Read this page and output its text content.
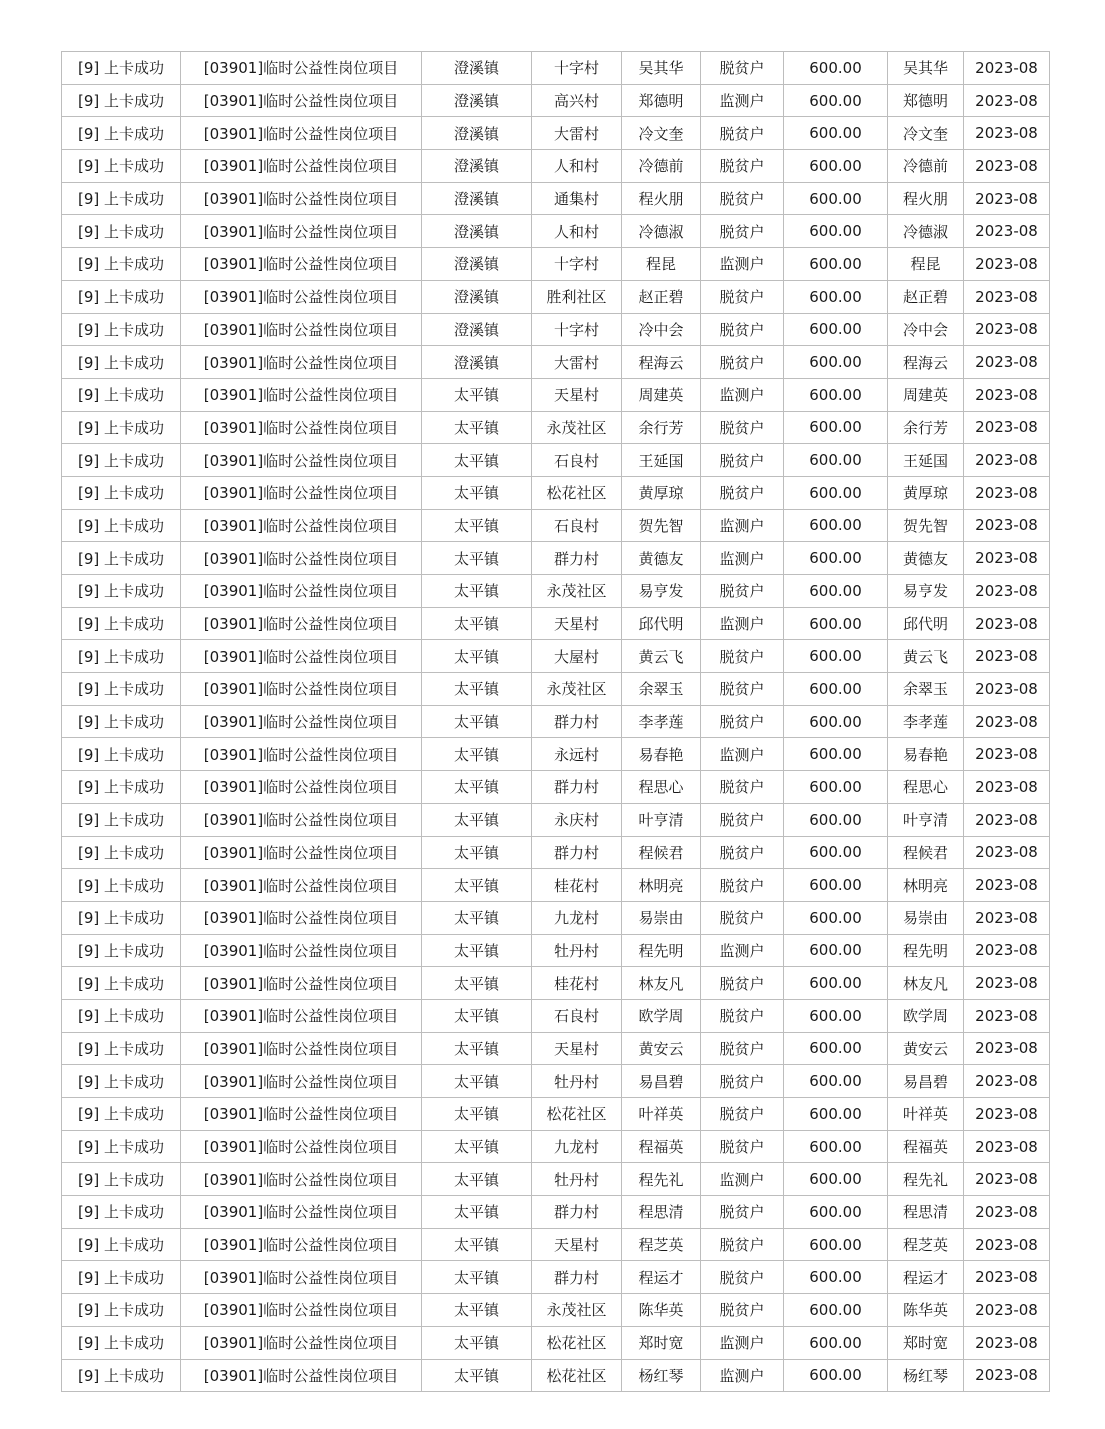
[9] 上卡成功	[03901]临时公益性岗位项目	澄溪镇	十字村	吴其华	脱贫户	600.00	吴其华	2023-08
[9] 上卡成功	[03901]临时公益性岗位项目	澄溪镇	高兴村	郑德明	监测户	600.00	郑德明	2023-08
[9] 上卡成功	[03901]临时公益性岗位项目	澄溪镇	大雷村	冷文奎	脱贫户	600.00	冷文奎	2023-08
[9] 上卡成功	[03901]临时公益性岗位项目	澄溪镇	人和村	冷德前	脱贫户	600.00	冷德前	2023-08
[9] 上卡成功	[03901]临时公益性岗位项目	澄溪镇	通集村	程火朋	脱贫户	600.00	程火朋	2023-08
[9] 上卡成功	[03901]临时公益性岗位项目	澄溪镇	人和村	冷德淑	脱贫户	600.00	冷德淑	2023-08
[9] 上卡成功	[03901]临时公益性岗位项目	澄溪镇	十字村	程昆	监测户	600.00	程昆	2023-08
[9] 上卡成功	[03901]临时公益性岗位项目	澄溪镇	胜利社区	赵正碧	脱贫户	600.00	赵正碧	2023-08
[9] 上卡成功	[03901]临时公益性岗位项目	澄溪镇	十字村	冷中会	脱贫户	600.00	冷中会	2023-08
[9] 上卡成功	[03901]临时公益性岗位项目	澄溪镇	大雷村	程海云	脱贫户	600.00	程海云	2023-08
[9] 上卡成功	[03901]临时公益性岗位项目	太平镇	天星村	周建英	监测户	600.00	周建英	2023-08
[9] 上卡成功	[03901]临时公益性岗位项目	太平镇	永茂社区	余行芳	脱贫户	600.00	余行芳	2023-08
[9] 上卡成功	[03901]临时公益性岗位项目	太平镇	石良村	王延国	脱贫户	600.00	王延国	2023-08
[9] 上卡成功	[03901]临时公益性岗位项目	太平镇	松花社区	黄厚琼	脱贫户	600.00	黄厚琼	2023-08
[9] 上卡成功	[03901]临时公益性岗位项目	太平镇	石良村	贺先智	监测户	600.00	贺先智	2023-08
[9] 上卡成功	[03901]临时公益性岗位项目	太平镇	群力村	黄德友	监测户	600.00	黄德友	2023-08
[9] 上卡成功	[03901]临时公益性岗位项目	太平镇	永茂社区	易亨发	脱贫户	600.00	易亨发	2023-08
[9] 上卡成功	[03901]临时公益性岗位项目	太平镇	天星村	邱代明	监测户	600.00	邱代明	2023-08
[9] 上卡成功	[03901]临时公益性岗位项目	太平镇	大屋村	黄云飞	脱贫户	600.00	黄云飞	2023-08
[9] 上卡成功	[03901]临时公益性岗位项目	太平镇	永茂社区	余翠玉	脱贫户	600.00	余翠玉	2023-08
[9] 上卡成功	[03901]临时公益性岗位项目	太平镇	群力村	李孝莲	脱贫户	600.00	李孝莲	2023-08
[9] 上卡成功	[03901]临时公益性岗位项目	太平镇	永远村	易春艳	监测户	600.00	易春艳	2023-08
[9] 上卡成功	[03901]临时公益性岗位项目	太平镇	群力村	程思心	脱贫户	600.00	程思心	2023-08
[9] 上卡成功	[03901]临时公益性岗位项目	太平镇	永庆村	叶亨清	脱贫户	600.00	叶亨清	2023-08
[9] 上卡成功	[03901]临时公益性岗位项目	太平镇	群力村	程候君	脱贫户	600.00	程候君	2023-08
[9] 上卡成功	[03901]临时公益性岗位项目	太平镇	桂花村	林明亮	脱贫户	600.00	林明亮	2023-08
[9] 上卡成功	[03901]临时公益性岗位项目	太平镇	九龙村	易崇由	脱贫户	600.00	易崇由	2023-08
[9] 上卡成功	[03901]临时公益性岗位项目	太平镇	牡丹村	程先明	监测户	600.00	程先明	2023-08
[9] 上卡成功	[03901]临时公益性岗位项目	太平镇	桂花村	林友凡	脱贫户	600.00	林友凡	2023-08
[9] 上卡成功	[03901]临时公益性岗位项目	太平镇	石良村	欧学周	脱贫户	600.00	欧学周	2023-08
[9] 上卡成功	[03901]临时公益性岗位项目	太平镇	天星村	黄安云	脱贫户	600.00	黄安云	2023-08
[9] 上卡成功	[03901]临时公益性岗位项目	太平镇	牡丹村	易昌碧	脱贫户	600.00	易昌碧	2023-08
[9] 上卡成功	[03901]临时公益性岗位项目	太平镇	松花社区	叶祥英	脱贫户	600.00	叶祥英	2023-08
[9] 上卡成功	[03901]临时公益性岗位项目	太平镇	九龙村	程福英	脱贫户	600.00	程福英	2023-08
[9] 上卡成功	[03901]临时公益性岗位项目	太平镇	牡丹村	程先礼	监测户	600.00	程先礼	2023-08
[9] 上卡成功	[03901]临时公益性岗位项目	太平镇	群力村	程思清	脱贫户	600.00	程思清	2023-08
[9] 上卡成功	[03901]临时公益性岗位项目	太平镇	天星村	程芝英	脱贫户	600.00	程芝英	2023-08
[9] 上卡成功	[03901]临时公益性岗位项目	太平镇	群力村	程运才	脱贫户	600.00	程运才	2023-08
[9] 上卡成功	[03901]临时公益性岗位项目	太平镇	永茂社区	陈华英	脱贫户	600.00	陈华英	2023-08
[9] 上卡成功	[03901]临时公益性岗位项目	太平镇	松花社区	郑时宽	监测户	600.00	郑时宽	2023-08
[9] 上卡成功	[03901]临时公益性岗位项目	太平镇	松花社区	杨红琴	监测户	600.00	杨红琴	2023-08
